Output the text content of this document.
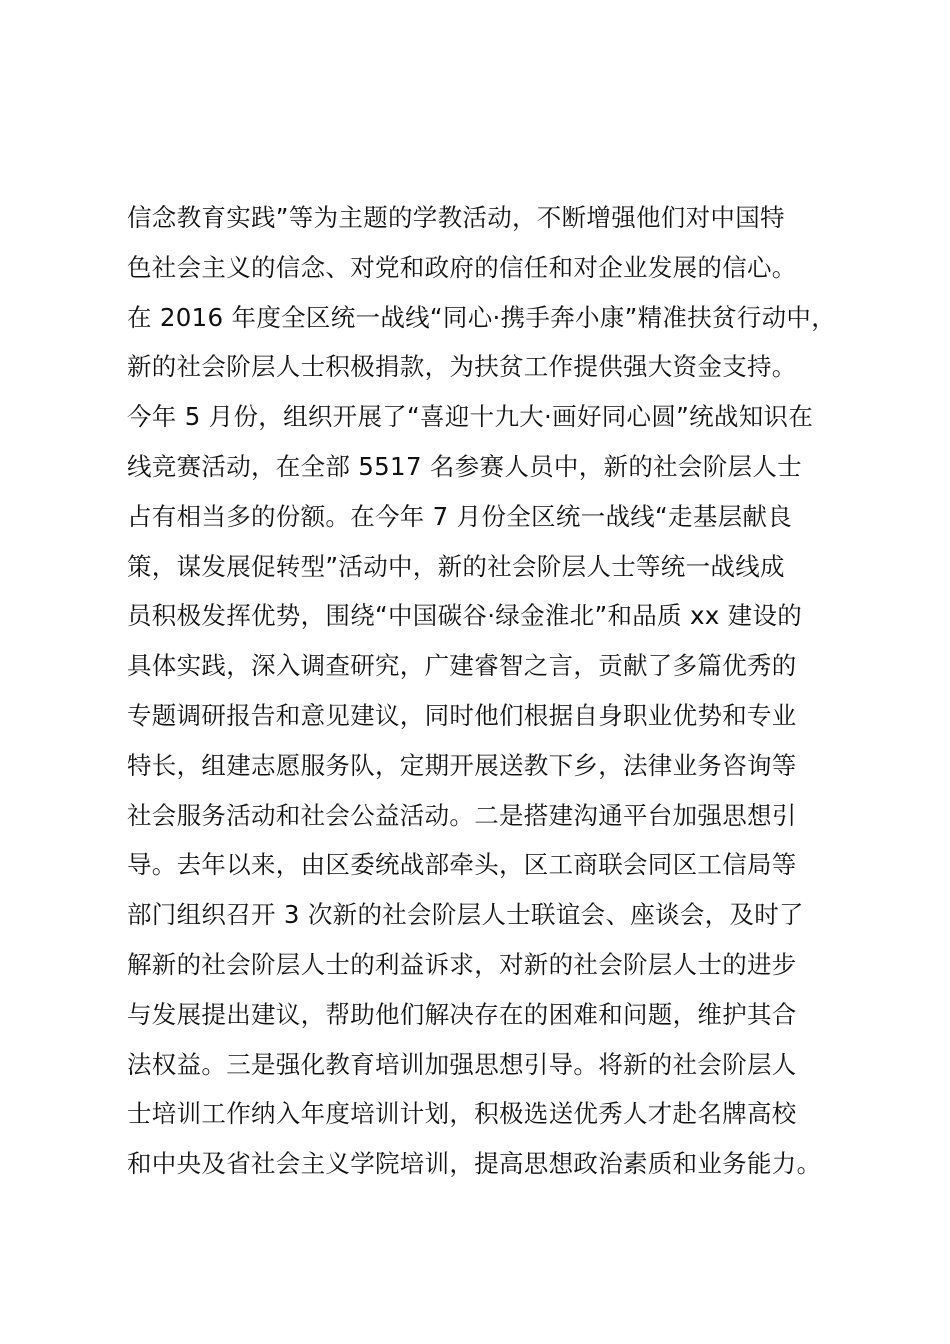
信念教育实践”等为主题的学教活动，不断增强他们对中国特
色社会主义的信念、对党和政府的信任和对企业发展的信心。
在 2016 年度全区统一战线“同心·携手奔小康”精准扶贫行动中，
新的社会阶层人士积极捐款，为扶贫工作提供强大资金支持。
今年 5 月份，组织开展了“喜迎十九大·画好同心圆”统战知识在
线竞赛活动，在全部 5517 名参赛人员中，新的社会阶层人士
占有相当多的份额。在今年 7 月份全区统一战线“走基层献良
策，谋发展促转型”活动中，新的社会阶层人士等统一战线成
员积极发挥优势，围绕“中国碳谷·绿金淮北”和品质 xx 建设的
具体实践，深入调查研究，广建睿智之言，贡献了多篇优秀的
专题调研报告和意见建议，同时他们根据自身职业优势和专业
特长，组建志愿服务队，定期开展送教下乡，法律业务咨询等
社会服务活动和社会公益活动。二是搭建沟通平台加强思想引
导。去年以来，由区委统战部牵头，区工商联会同区工信局等
部门组织召开 3 次新的社会阶层人士联谊会、座谈会，及时了
解新的社会阶层人士的利益诉求，对新的社会阶层人士的进步
与发展提出建议，帮助他们解决存在的困难和问题，维护其合
法权益。三是强化教育培训加强思想引导。将新的社会阶层人
士培训工作纳入年度培训计划，积极选送优秀人才赴名牌高校
和中央及省社会主义学院培训，提高思想政治素质和业务能力。
